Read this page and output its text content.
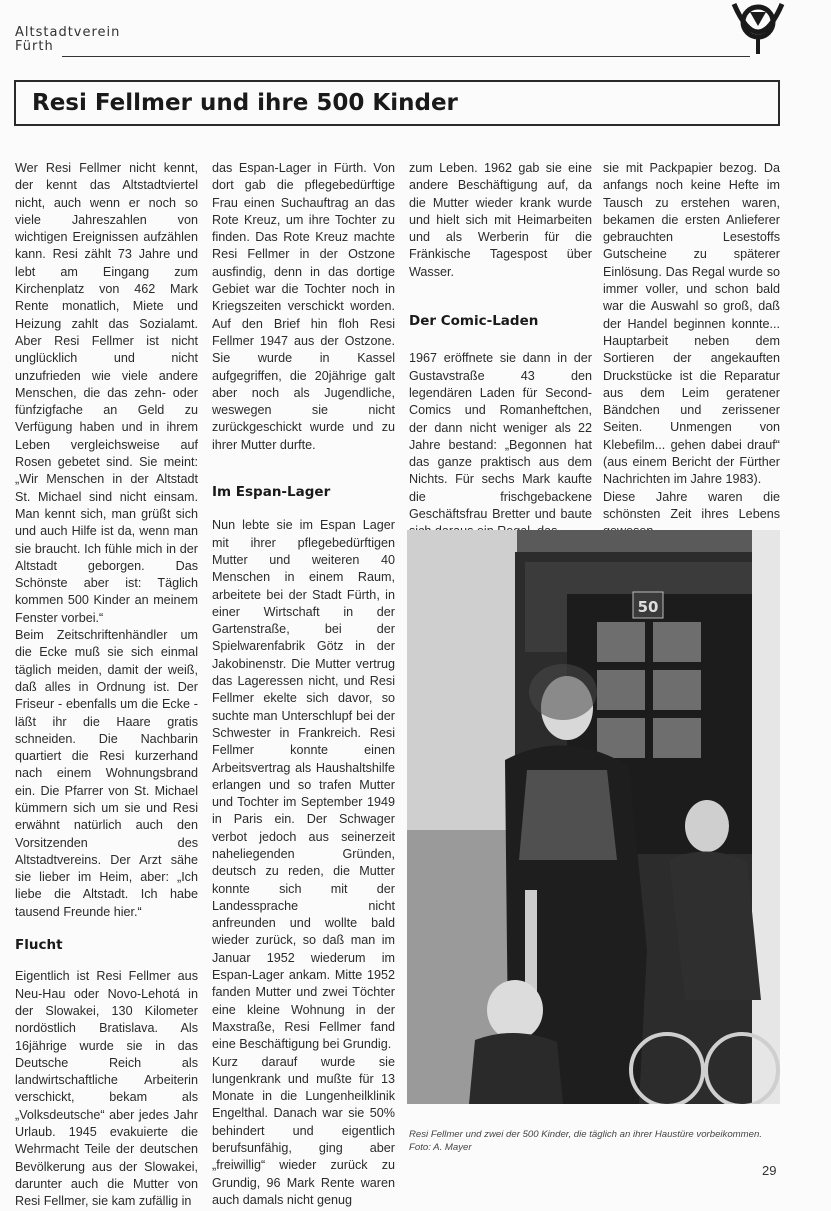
Altstadtverein
Fürth
Resi Fellmer und ihre 500 Kinder

Wer Resi Fellmer nicht kennt, der kennt das Altstadtviertel nicht, auch wenn er noch so viele Jahreszahlen von wichtigen Ereignissen aufzählen kann. Resi zählt 73 Jahre und lebt am Eingang zum Kirchenplatz von 462 Mark Rente monatlich, Miete und Heizung zahlt das Sozialamt. Aber Resi Fellmer ist nicht unglücklich und nicht unzufrieden wie viele andere Menschen, die das zehn- oder fünfzigfache an Geld zu Verfügung haben und in ihrem Leben vergleichsweise auf Rosen gebetet sind. Sie meint: „Wir Menschen in der Altstadt St. Michael sind nicht einsam. Man kennt sich, man grüßt sich und auch Hilfe ist da, wenn man sie braucht. Ich fühle mich in der Altstadt geborgen. Das Schönste aber ist: Täglich kommen 500 Kinder an meinem Fenster vorbei.“

Beim Zeitschriftenhändler um die Ecke muß sie sich einmal täglich meiden, damit der weiß, daß alles in Ordnung ist. Der Friseur - ebenfalls um die Ecke - läßt ihr die Haare gratis schneiden. Die Nachbarin quartiert die Resi kurzerhand nach einem Wohnungsbrand ein. Die Pfarrer von St. Michael kümmern sich um sie und Resi erwähnt natürlich auch den Vorsitzenden des Altstadtvereins. Der Arzt sähe sie lieber im Heim, aber: „Ich liebe die Altstadt. Ich habe tausend Freunde hier.“

Flucht

Eigentlich ist Resi Fellmer aus Neu-Hau oder Novo-Lehotá in der Slowakei, 130 Kilometer nordöstlich Bratislava. Als 16jährige wurde sie in das Deutsche Reich als landwirtschaftliche Arbeiterin verschickt, bekam als „Volksdeutsche“ aber jedes Jahr Urlaub. 1945 evakuierte die Wehrmacht Teile der deutschen Bevölkerung aus der Slowakei, darunter auch die Mutter von Resi Fellmer, sie kam zufällig in

das Espan-Lager in Fürth. Von dort gab die pflegebedürftige Frau einen Suchauftrag an das Rote Kreuz, um ihre Tochter zu finden. Das Rote Kreuz machte Resi Fellmer in der Ostzone ausfindig, denn in das dortige Gebiet war die Tochter noch in Kriegszeiten verschickt worden. Auf den Brief hin floh Resi Fellmer 1947 aus der Ostzone. Sie wurde in Kassel aufgegriffen, die 20jährige galt aber noch als Jugendliche, weswegen sie nicht zurückgeschickt wurde und zu ihrer Mutter durfte.

Im Espan-Lager

Nun lebte sie im Espan Lager mit ihrer pflegebedürftigen Mutter und weiteren 40 Menschen in einem Raum, arbeitete bei der Stadt Fürth, in einer Wirtschaft in der Gartenstraße, bei der Spielwarenfabrik Götz in der Jakobinenstr. Die Mutter vertrug das Lageressen nicht, und Resi Fellmer ekelte sich davor, so suchte man Unterschlupf bei der Schwester in Frankreich. Resi Fellmer konnte einen Arbeitsvertrag als Haushaltshilfe erlangen und so trafen Mutter und Tochter im September 1949 in Paris ein. Der Schwager verbot jedoch aus seinerzeit naheliegenden Gründen, deutsch zu reden, die Mutter konnte sich mit der Landessprache nicht anfreunden und wollte bald wieder zurück, so daß man im Januar 1952 wiederum im Espan-Lager ankam. Mitte 1952 fanden Mutter und zwei Töchter eine kleine Wohnung in der Maxstraße, Resi Fellmer fand eine Beschäftigung bei Grundig.

Kurz darauf wurde sie lungenkrank und mußte für 13 Monate in die Lungenheilklinik Engelthal. Danach war sie 50% behindert und eigentlich berufsunfähig, ging aber „freiwillig“ wieder zurück zu Grundig, 96 Mark Rente waren auch damals nicht genug

zum Leben. 1962 gab sie eine andere Beschäftigung auf, da die Mutter wieder krank wurde und hielt sich mit Heimarbeiten und als Werberin für die Fränkische Tagespost über Wasser.

Der Comic-Laden

1967 eröffnete sie dann in der Gustavstraße 43 den legendären Laden für Second-Comics und Romanheftchen, der dann nicht weniger als 22 Jahre bestand: „Begonnen hat das ganze praktisch aus dem Nichts. Für sechs Mark kaufte die frischgebackene Geschäftsfrau Bretter und baute

sie mit Packpapier bezog. Da anfangs noch keine Hefte im Tausch zu erstehen waren, bekamen die ersten Anlieferer gebrauchten Lesestoffs Gutscheine zu späterer Einlösung. Das Regal wurde so immer voller, und schon bald war die Auswahl so groß, daß der Handel beginnen konnte... Hauptarbeit neben dem Sortieren der angekauften Druckstücke ist die Reparatur aus dem Leim geratener Bändchen und zerissener Seiten. Unmengen von Klebefilm... gehen dabei drauf“ (aus einem Bericht der Fürther Nachrichten im Jahre 1983).

Diese Jahre waren die schönsten Zeit ihres Lebens

50
Resi Fellmer und zwei der 500 Kinder, die täglich an ihrer Haustüre vorbeikommen.
Foto: A. Mayer
29
